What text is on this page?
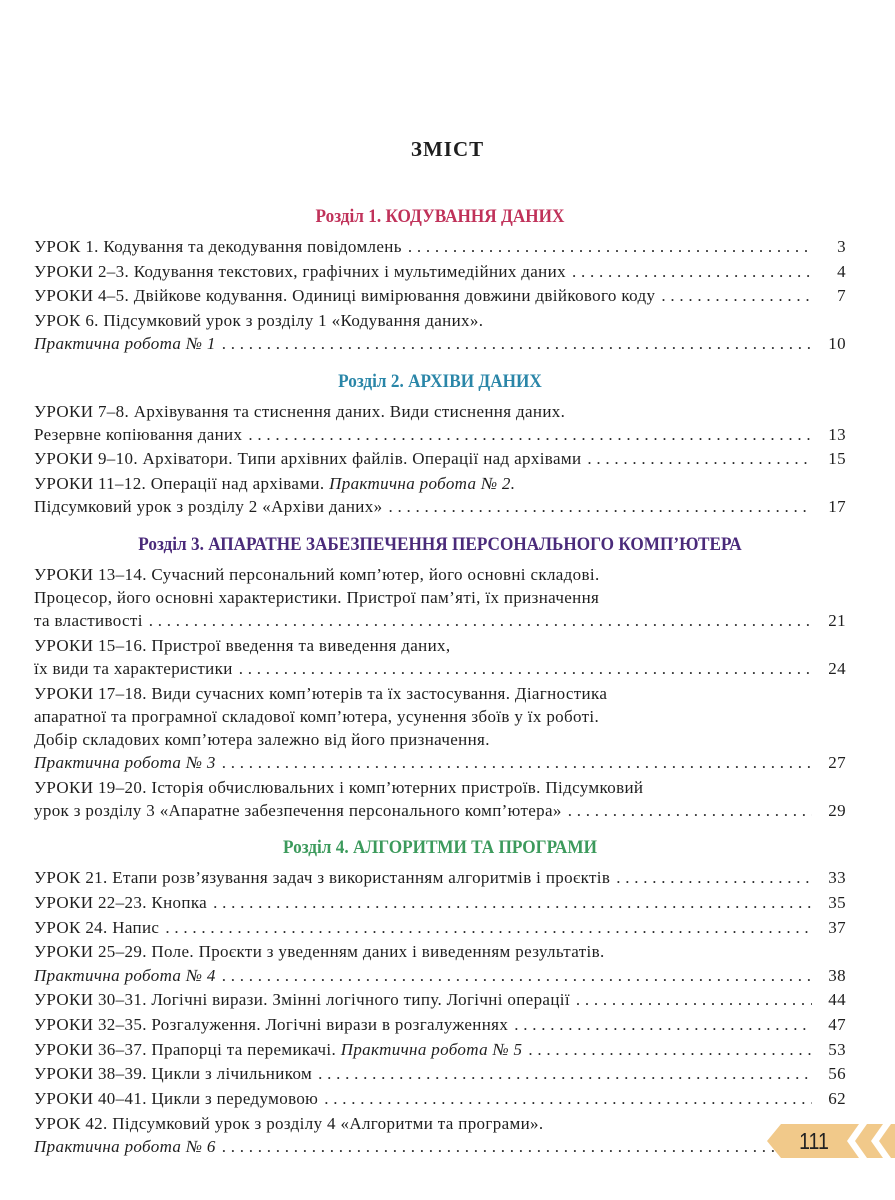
ЗМІСТ
Розділ 1. КОДУВАННЯ ДАНИХ
УРОК 1. Кодування та декодування повідомлень . . .	3
УРОКИ 2–3. Кодування текстових, графічних і мультимедійних даних . . .	4
УРОКИ 4–5. Двійкове кодування. Одиниці вимірювання довжини двійкового коду . . .	7
УРОК 6. Підсумковий урок з розділу 1 «Кодування даних».
Практична робота № 1 . . .	10
Розділ 2. АРХІВИ ДАНИХ
УРОКИ 7–8. Архівування та стиснення даних. Види стиснення даних.
Резервне копіювання даних . . .	13
УРОКИ 9–10. Архіватори. Типи архівних файлів. Операції над архівами . . .	15
УРОКИ 11–12. Операції над архівами. Практична робота № 2.
Підсумковий урок з розділу 2 «Архіви даних» . . .	17
Розділ 3. АПАРАТНЕ ЗАБЕЗПЕЧЕННЯ ПЕРСОНАЛЬНОГО КОМП’ЮТЕРА
УРОКИ 13–14. Сучасний персональний комп’ютер, його основні складові.
Процесор, його основні характеристики. Пристрої пам’яті, їх призначення
та властивості . . .	21
УРОКИ 15–16. Пристрої введення та виведення даних,
їх види та характеристики . . .	24
УРОКИ 17–18. Види сучасних комп’ютерів та їх застосування. Діагностика
апаратної та програмної складової комп’ютера, усунення збоїв у їх роботі.
Добір складових комп’ютера залежно від його призначення.
Практична робота № 3 . . .	27
УРОКИ 19–20. Історія обчислювальних і комп’ютерних пристроїв. Підсумковий
урок з розділу 3 «Апаратне забезпечення персонального комп’ютера» . . .	29
Розділ 4. АЛГОРИТМИ ТА ПРОГРАМИ
УРОК 21. Етапи розв’язування задач з використанням алгоритмів і проєктів . . .	33
УРОКИ 22–23. Кнопка . . .	35
УРОК 24. Напис . . .	37
УРОКИ 25–29. Поле. Проєкти з уведенням даних і виведенням результатів.
Практична робота № 4 . . .	38
УРОКИ 30–31. Логічні вирази. Змінні логічного типу. Логічні операції . . .	44
УРОКИ 32–35. Розгалуження. Логічні вирази в розгалуженнях . . .	47
УРОКИ 36–37. Прапорці та перемикачі. Практична робота № 5 . . .	53
УРОКИ 38–39. Цикли з лічильником . . .	56
УРОКИ 40–41. Цикли з передумовою . . .	62
УРОК 42. Підсумковий урок з розділу 4 «Алгоритми та програми».
Практична робота № 6 . . .	111
